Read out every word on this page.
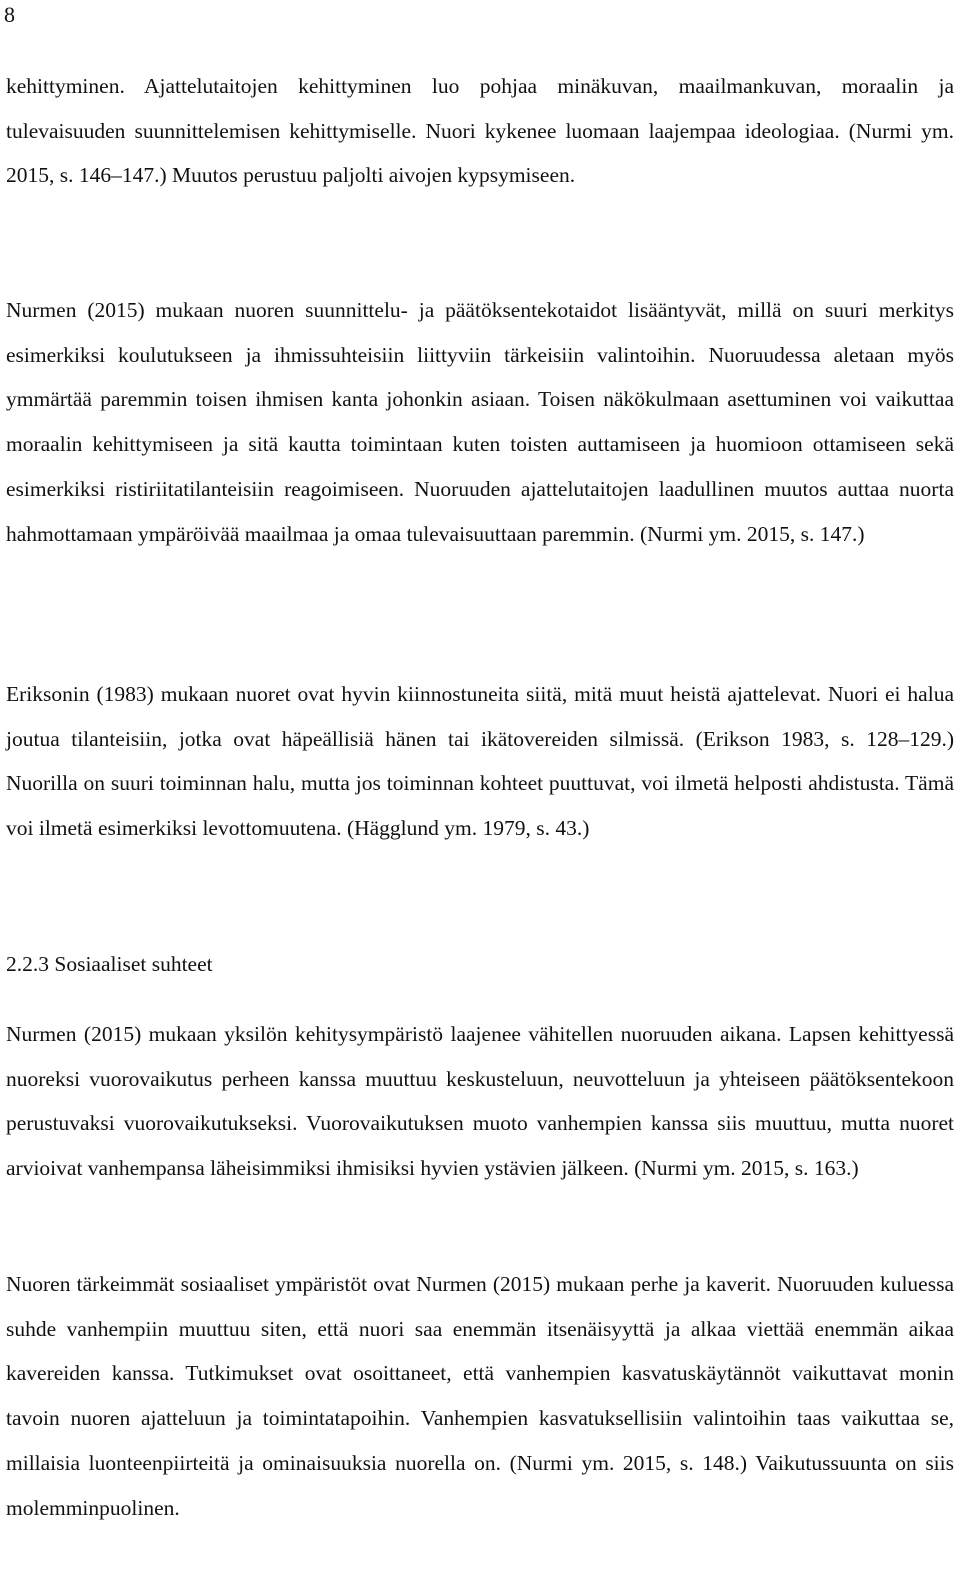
8

kehittyminen. Ajattelutaitojen kehittyminen luo pohjaa minäkuvan, maailmankuvan, moraalin ja tulevaisuuden suunnittelemisen kehittymiselle. Nuori kykenee luomaan laajempaa ideologiaa. (Nurmi ym. 2015, s. 146–147.) Muutos perustuu paljolti aivojen kypsymiseen.

Nurmen (2015) mukaan nuoren suunnittelu- ja päätöksentekotaidot lisääntyvät, millä on suuri merkitys esimerkiksi koulutukseen ja ihmissuhteisiin liittyviin tärkeisiin valintoihin. Nuoruudessa aletaan myös ymmärtää paremmin toisen ihmisen kanta johonkin asiaan. Toisen näkökulmaan asettuminen voi vaikuttaa moraalin kehittymiseen ja sitä kautta toimintaan kuten toisten auttamiseen ja huomioon ottamiseen sekä esimerkiksi ristiriitatilanteisiin reagoimiseen. Nuoruuden ajattelutaitojen laadullinen muutos auttaa nuorta hahmottamaan ympäröivää maailmaa ja omaa tulevaisuuttaan paremmin. (Nurmi ym. 2015, s. 147.)

Eriksonin (1983) mukaan nuoret ovat hyvin kiinnostuneita siitä, mitä muut heistä ajattelevat. Nuori ei halua joutua tilanteisiin, jotka ovat häpeällisiä hänen tai ikätovereiden silmissä. (Erikson 1983, s. 128–129.) Nuorilla on suuri toiminnan halu, mutta jos toiminnan kohteet puuttuvat, voi ilmetä helposti ahdistusta. Tämä voi ilmetä esimerkiksi levottomuutena. (Hägglund ym. 1979, s. 43.)

2.2.3 Sosiaaliset suhteet

Nurmen (2015) mukaan yksilön kehitysympäristö laajenee vähitellen nuoruuden aikana. Lapsen kehittyessä nuoreksi vuorovaikutus perheen kanssa muuttuu keskusteluun, neuvotteluun ja yhteiseen päätöksentekoon perustuvaksi vuorovaikutukseksi. Vuorovaikutuksen muoto vanhempien kanssa siis muuttuu, mutta nuoret arvioivat vanhempansa läheisimmiksi ihmisiksi hyvien ystävien jälkeen. (Nurmi ym. 2015, s. 163.)

Nuoren tärkeimmät sosiaaliset ympäristöt ovat Nurmen (2015) mukaan perhe ja kaverit. Nuoruuden kuluessa suhde vanhempiin muuttuu siten, että nuori saa enemmän itsenäisyyttä ja alkaa viettää enemmän aikaa kavereiden kanssa. Tutkimukset ovat osoittaneet, että vanhempien kasvatuskäytännöt vaikuttavat monin tavoin nuoren ajatteluun ja toimintatapoihin. Vanhempien kasvatuksellisiin valintoihin taas vaikuttaa se, millaisia luonteenpiirteitä ja ominaisuuksia nuorella on. (Nurmi ym. 2015, s. 148.) Vaikutussuunta on siis molemminpuolinen.
